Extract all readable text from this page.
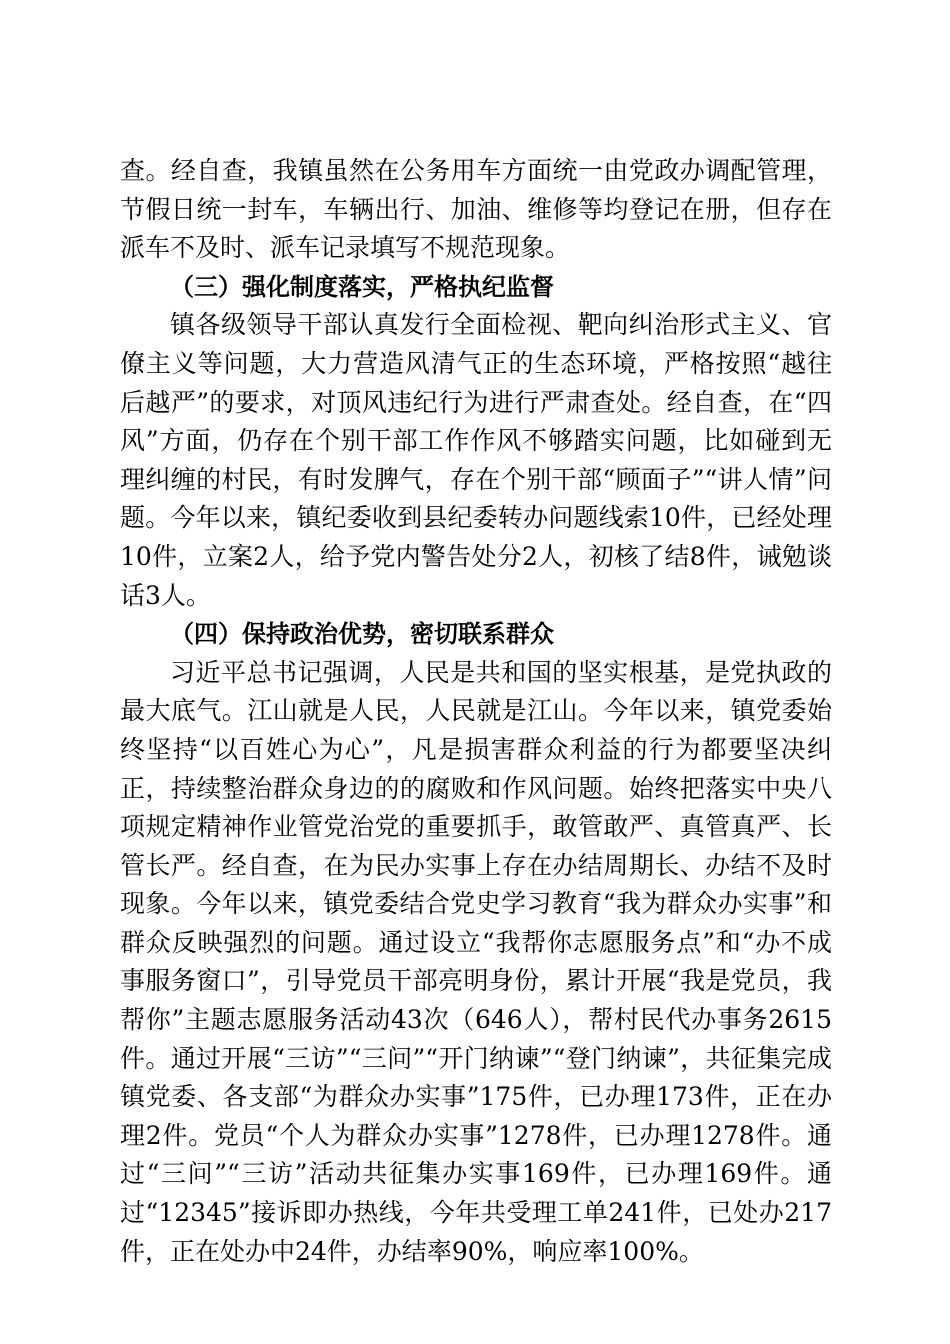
查。经自查，我镇虽然在公务用车方面统一由党政办调配管理，节假日统一封车，车辆出行、加油、维修等均登记在册，但存在派车不及时、派车记录填写不规范现象。

（三）强化制度落实，严格执纪监督

镇各级领导干部认真发行全面检视、靶向纠治形式主义、官僚主义等问题，大力营造风清气正的生态环境，严格按照“越往后越严”的要求，对顶风违纪行为进行严肃查处。经自查，在“四风”方面，仍存在个别干部工作作风不够踏实问题，比如碰到无理纠缠的村民，有时发脾气，存在个别干部“顾面子”“讲人情”问题。今年以来，镇纪委收到县纪委转办问题线索10件，已经处理10件，立案2人，给予党内警告处分2人，初核了结8件，诫勉谈话3人。

（四）保持政治优势，密切联系群众

习近平总书记强调，人民是共和国的坚实根基，是党执政的最大底气。江山就是人民，人民就是江山。今年以来，镇党委始终坚持“以百姓心为心”，凡是损害群众利益的行为都要坚决纠正，持续整治群众身边的的腐败和作风问题。始终把落实中央八项规定精神作业管党治党的重要抓手，敢管敢严、真管真严、长管长严。经自查，在为民办实事上存在办结周期长、办结不及时现象。今年以来，镇党委结合党史学习教育“我为群众办实事”和群众反映强烈的问题。通过设立“我帮你志愿服务点”和“办不成事服务窗口”，引导党员干部亮明身份，累计开展“我是党员，我帮你”主题志愿服务活动43次（646人），帮村民代办事务2615件。通过开展“三访”“三问”“开门纳谏”“登门纳谏”，共征集完成镇党委、各支部“为群众办实事”175件，已办理173件，正在办理2件。党员“个人为群众办实事”1278件，已办理1278件。通过“三问”“三访”活动共征集办实事169件，已办理169件。通过“12345”接诉即办热线，今年共受理工单241件，已处办217件，正在处办中24件，办结率90%，响应率100%。
